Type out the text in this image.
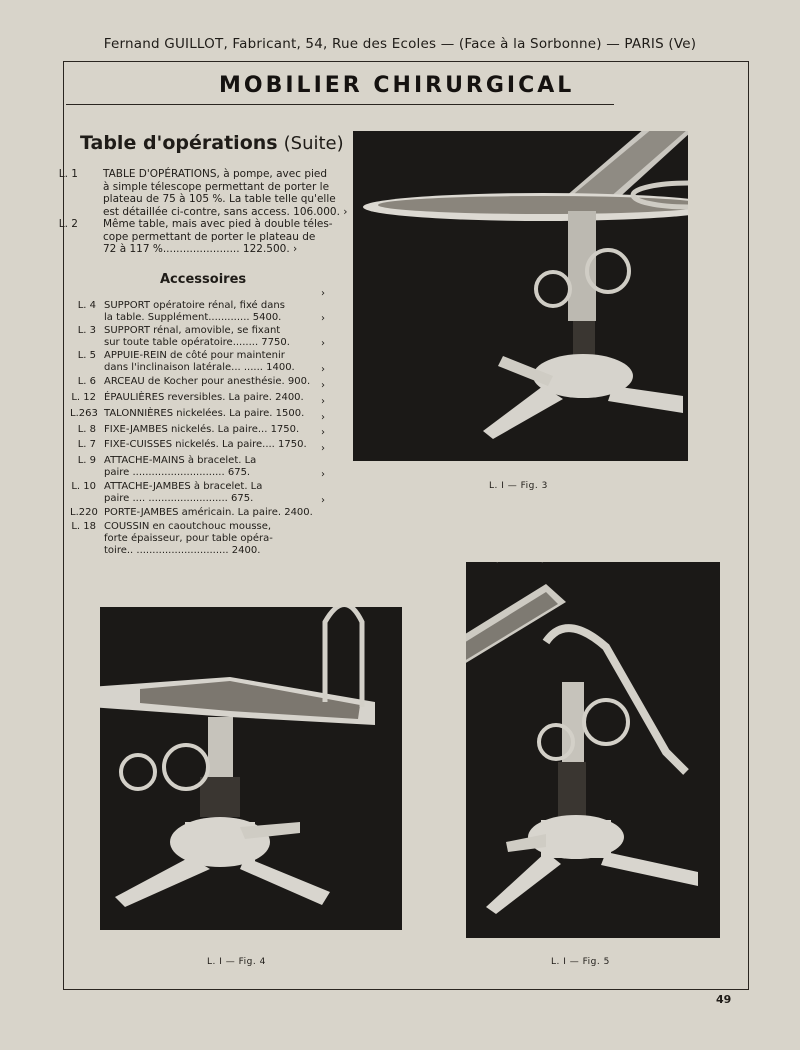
Fernand GUILLOT, Fabricant, 54, Rue des Ecoles — (Face à la Sorbonne) — PARIS (Ve)
MOBILIER CHIRURGICAL
Table d'opérations (Suite)
L. 1 TABLE D'OPÉRATIONS, à pompe, avec pied
à simple télescope permettant de porter le
plateau de 75 à 105 %. La table telle qu'elle
est détaillée ci-contre, sans access. 106.000. ›
L. 2 Même table, mais avec pied à double téles-
cope permettant de porter le plateau de
72 à 117 %....................... 122.500. ›
Accessoires
L. 4 SUPPORT opératoire rénal, fixé dans
la table. Supplément............. 5400.
›
L. 3 SUPPORT rénal, amovible, se fixant
sur toute table opératoire........ 7750.
›
L. 5 APPUIE-REIN de côté pour maintenir
dans l'inclinaison latérale... ...... 1400.
›
L. 6 ARCEAU de Kocher pour anesthésie. 900.
›
L. 12 ÉPAULIÈRES reversibles. La paire. 2400.
›
L.263 TALONNIÈRES nickelées. La paire. 1500.
›
L. 8 FIXE-JAMBES nickelés. La paire... 1750.
›
L. 7 FIXE-CUISSES nickelés. La paire.... 1750.
›
L. 9 ATTACHE-MAINS à bracelet. La
paire ............................. 675.
›
L. 10 ATTACHE-JAMBES à bracelet. La
paire .... ......................... 675.
›
L.220 PORTE-JAMBES américain. La paire. 2400.
›
L. 18 COUSSIN en caoutchouc mousse,
forte épaisseur, pour table opéra-
toire.. ............................. 2400.
L. I — Fig. 3
L. I — Fig. 4	L. I — Fig. 5
49
